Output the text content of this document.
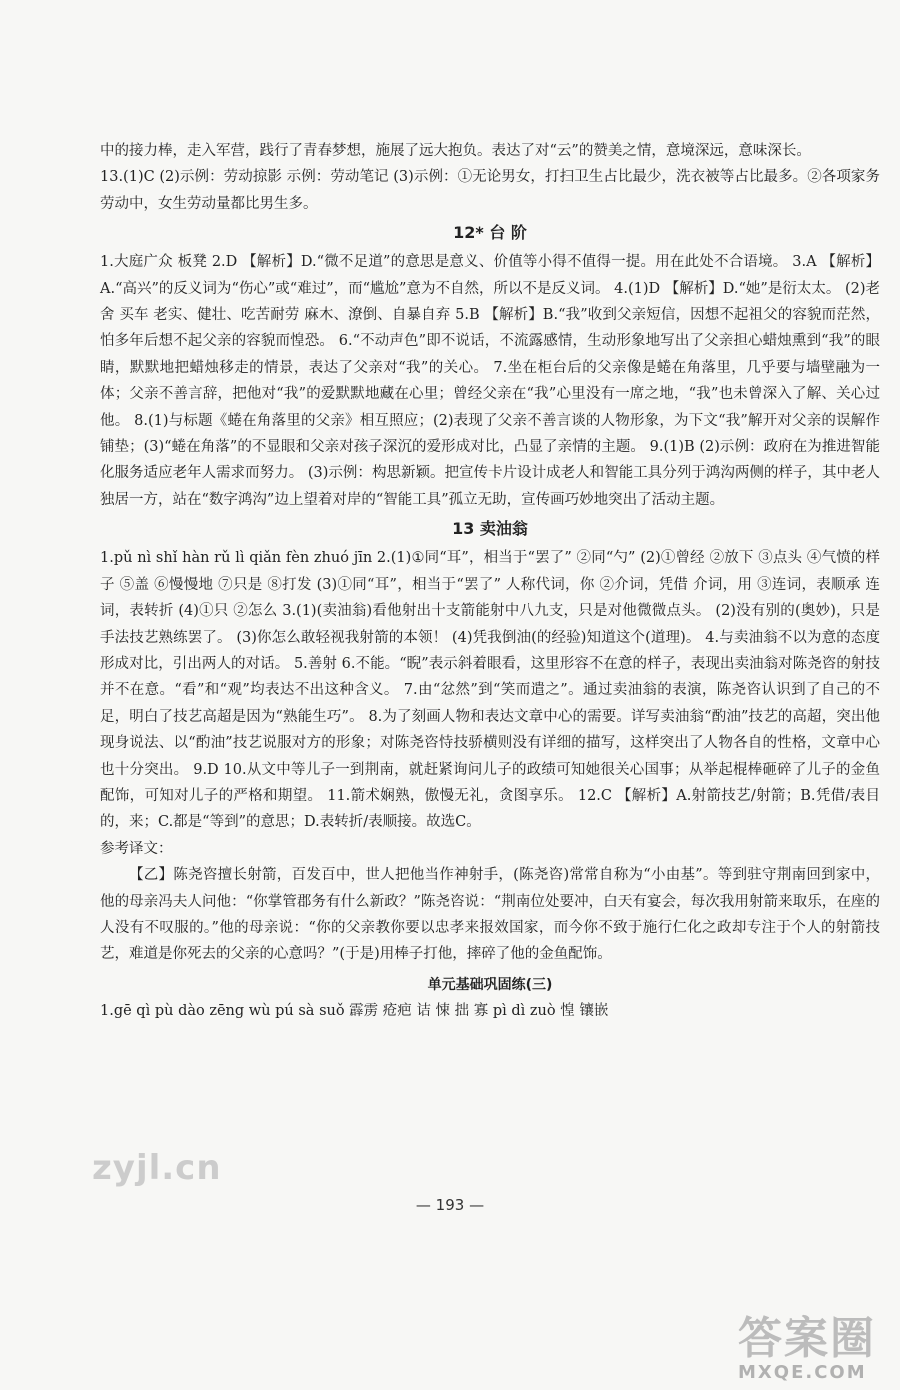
中的接力棒，走入军营，践行了青春梦想，施展了远大抱负。表达了对“云”的赞美之情，意境深远，意味深长。

13.(1)C (2)示例：劳动掠影 示例：劳动笔记 (3)示例：①无论男女，打扫卫生占比最少，洗衣被等占比最多。②各项家务劳动中，女生劳动量都比男生多。

12* 台 阶

1.大庭广众 板凳 2.D 【解析】D.“微不足道”的意思是意义、价值等小得不值得一提。用在此处不合语境。 3.A 【解析】A.“高兴”的反义词为“伤心”或“难过”，而“尴尬”意为不自然，所以不是反义词。 4.(1)D 【解析】D.“她”是衍太太。 (2)老舍 买车 老实、健壮、吃苦耐劳 麻木、潦倒、自暴自弃 5.B 【解析】B.“我”收到父亲短信，因想不起祖父的容貌而茫然，怕多年后想不起父亲的容貌而惶恐。 6.“不动声色”即不说话，不流露感情，生动形象地写出了父亲担心蜡烛熏到“我”的眼睛，默默地把蜡烛移走的情景，表达了父亲对“我”的关心。 7.坐在柜台后的父亲像是蜷在角落里，几乎要与墙壁融为一体；父亲不善言辞，把他对“我”的爱默默地藏在心里；曾经父亲在“我”心里没有一席之地，“我”也未曾深入了解、关心过他。 8.(1)与标题《蜷在角落里的父亲》相互照应；(2)表现了父亲不善言谈的人物形象，为下文“我”解开对父亲的误解作铺垫；(3)“蜷在角落”的不显眼和父亲对孩子深沉的爱形成对比，凸显了亲情的主题。 9.(1)B (2)示例：政府在为推进智能化服务适应老年人需求而努力。 (3)示例：构思新颖。把宣传卡片设计成老人和智能工具分列于鸿沟两侧的样子，其中老人独居一方，站在“数字鸿沟”边上望着对岸的“智能工具”孤立无助，宣传画巧妙地突出了活动主题。

13 卖油翁

1.pǔ nì shǐ hàn rǔ lì qiǎn fèn zhuó jīn 2.(1)①同“耳”，相当于“罢了” ②同“勺” (2)①曾经 ②放下 ③点头 ④气愤的样子 ⑤盖 ⑥慢慢地 ⑦只是 ⑧打发 (3)①同“耳”，相当于“罢了” 人称代词，你 ②介词，凭借 介词，用 ③连词，表顺承 连词，表转折 (4)①只 ②怎么 3.(1)(卖油翁)看他射出十支箭能射中八九支，只是对他微微点头。 (2)没有别的(奥妙)，只是手法技艺熟练罢了。 (3)你怎么敢轻视我射箭的本领！ (4)凭我倒油(的经验)知道这个(道理)。 4.与卖油翁不以为意的态度形成对比，引出两人的对话。 5.善射 6.不能。“睨”表示斜着眼看，这里形容不在意的样子，表现出卖油翁对陈尧咨的射技并不在意。“看”和“观”均表达不出这种含义。 7.由“忿然”到“笑而遣之”。通过卖油翁的表演，陈尧咨认识到了自己的不足，明白了技艺高超是因为“熟能生巧”。 8.为了刻画人物和表达文章中心的需要。详写卖油翁“酌油”技艺的高超，突出他现身说法、以“酌油”技艺说服对方的形象；对陈尧咨恃技骄横则没有详细的描写，这样突出了人物各自的性格，文章中心也十分突出。 9.D 10.从文中等儿子一到荆南，就赶紧询问儿子的政绩可知她很关心国事；从举起棍棒砸碎了儿子的金鱼配饰，可知对儿子的严格和期望。 11.箭术娴熟，傲慢无礼，贪图享乐。 12.C 【解析】A.射箭技艺/射箭；B.凭借/表目的，来；C.都是“等到”的意思；D.表转折/表顺接。故选C。

参考译文：

【乙】陈尧咨擅长射箭，百发百中，世人把他当作神射手，(陈尧咨)常常自称为“小由基”。等到驻守荆南回到家中，他的母亲冯夫人问他：“你掌管郡务有什么新政？”陈尧咨说：“荆南位处要冲，白天有宴会，每次我用射箭来取乐，在座的人没有不叹服的。”他的母亲说：“你的父亲教你要以忠孝来报效国家，而今你不致于施行仁化之政却专注于个人的射箭技艺，难道是你死去的父亲的心意吗？”(于是)用棒子打他，摔碎了他的金鱼配饰。

单元基础巩固练(三)

1.gē qì pù dào zēng wù pú sà suǒ 霹雳 疮疤 诘 悚 拙 寡 pì dì zuò 惶 镶嵌

— 193 —
zyjl.cn
答案圈
MXQE.COM
